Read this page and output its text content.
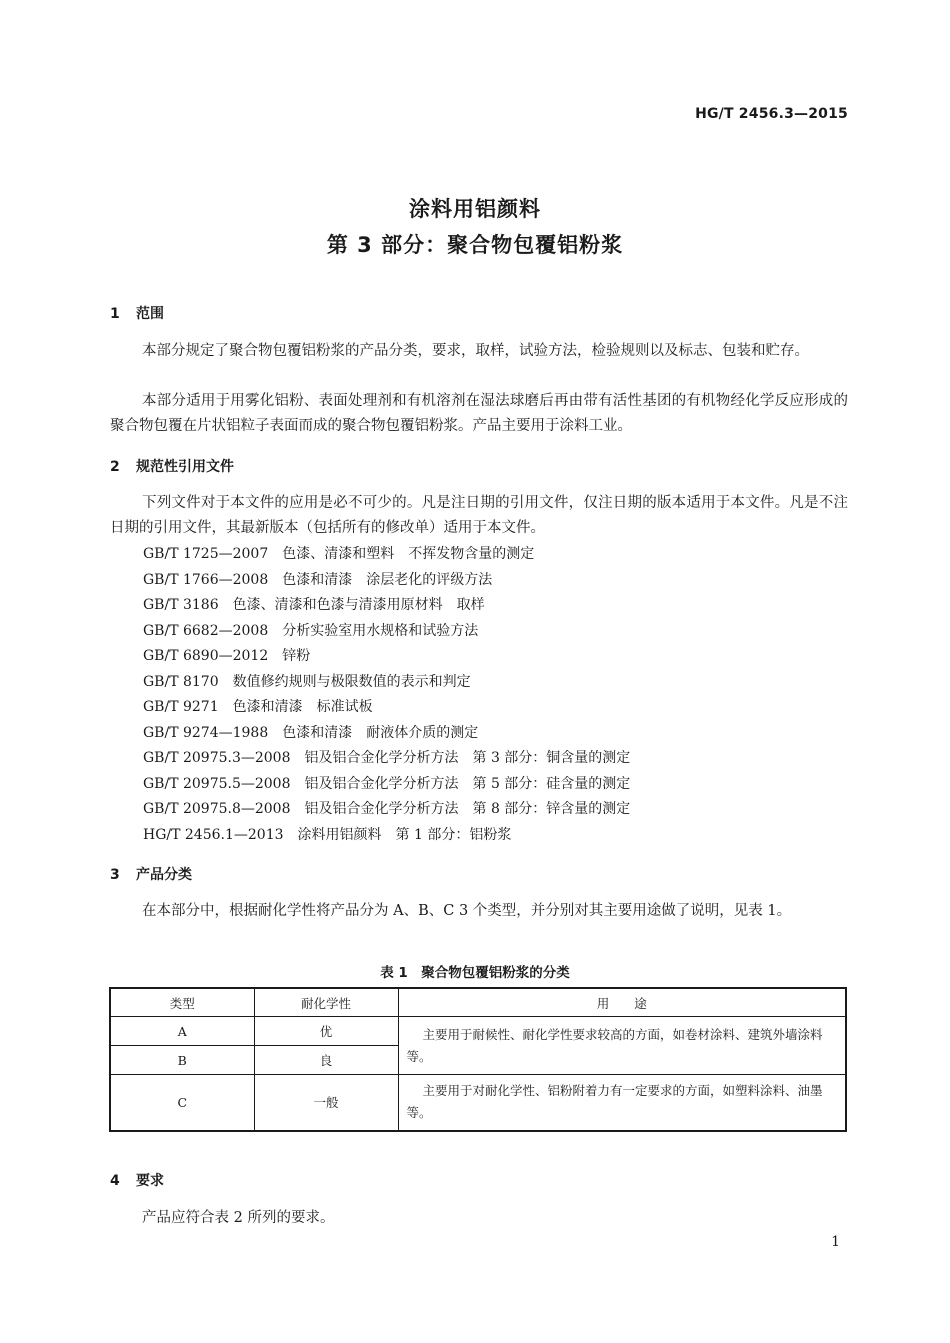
HG/T 2456.3—2015
涂料用铝颜料
第 3 部分：聚合物包覆铝粉浆
1 范围
本部分规定了聚合物包覆铝粉浆的产品分类，要求，取样，试验方法，检验规则以及标志、包装和贮存。
本部分适用于用雾化铝粉、表面处理剂和有机溶剂在湿法球磨后再由带有活性基团的有机物经化学反应形成的聚合物包覆在片状铝粒子表面而成的聚合物包覆铝粉浆。产品主要用于涂料工业。
2 规范性引用文件
下列文件对于本文件的应用是必不可少的。凡是注日期的引用文件，仅注日期的版本适用于本文件。凡是不注日期的引用文件，其最新版本（包括所有的修改单）适用于本文件。
GB/T 1725—2007　 色漆、清漆和塑料　不挥发物含量的测定
GB/T 1766—2008　 色漆和清漆　涂层老化的评级方法
GB/T 3186　 色漆、清漆和色漆与清漆用原材料　取样
GB/T 6682—2008　 分析实验室用水规格和试验方法
GB/T 6890—2012　 锌粉
GB/T 8170　 数值修约规则与极限数值的表示和判定
GB/T 9271　 色漆和清漆　标准试板
GB/T 9274—1988　 色漆和清漆　耐液体介质的测定
GB/T 20975.3—2008　 铝及铝合金化学分析方法　第 3 部分：铜含量的测定
GB/T 20975.5—2008　 铝及铝合金化学分析方法　第 5 部分：硅含量的测定
GB/T 20975.8—2008　 铝及铝合金化学分析方法　第 8 部分：锌含量的测定
HG/T 2456.1—2013　 涂料用铝颜料　第 1 部分：铝粉浆
3 产品分类
在本部分中，根据耐化学性将产品分为 A、B、C 3 个类型，并分别对其主要用途做了说明，见表 1。
表 1　聚合物包覆铝粉浆的分类
类型	耐化学性	用　　途
A	优	主要用于耐候性、耐化学性要求较高的方面，如卷材涂料、建筑外墙涂料等。
B	良	
C	一般	主要用于对耐化学性、铝粉附着力有一定要求的方面，如塑料涂料、油墨等。
4 要求
产品应符合表 2 所列的要求。
1
